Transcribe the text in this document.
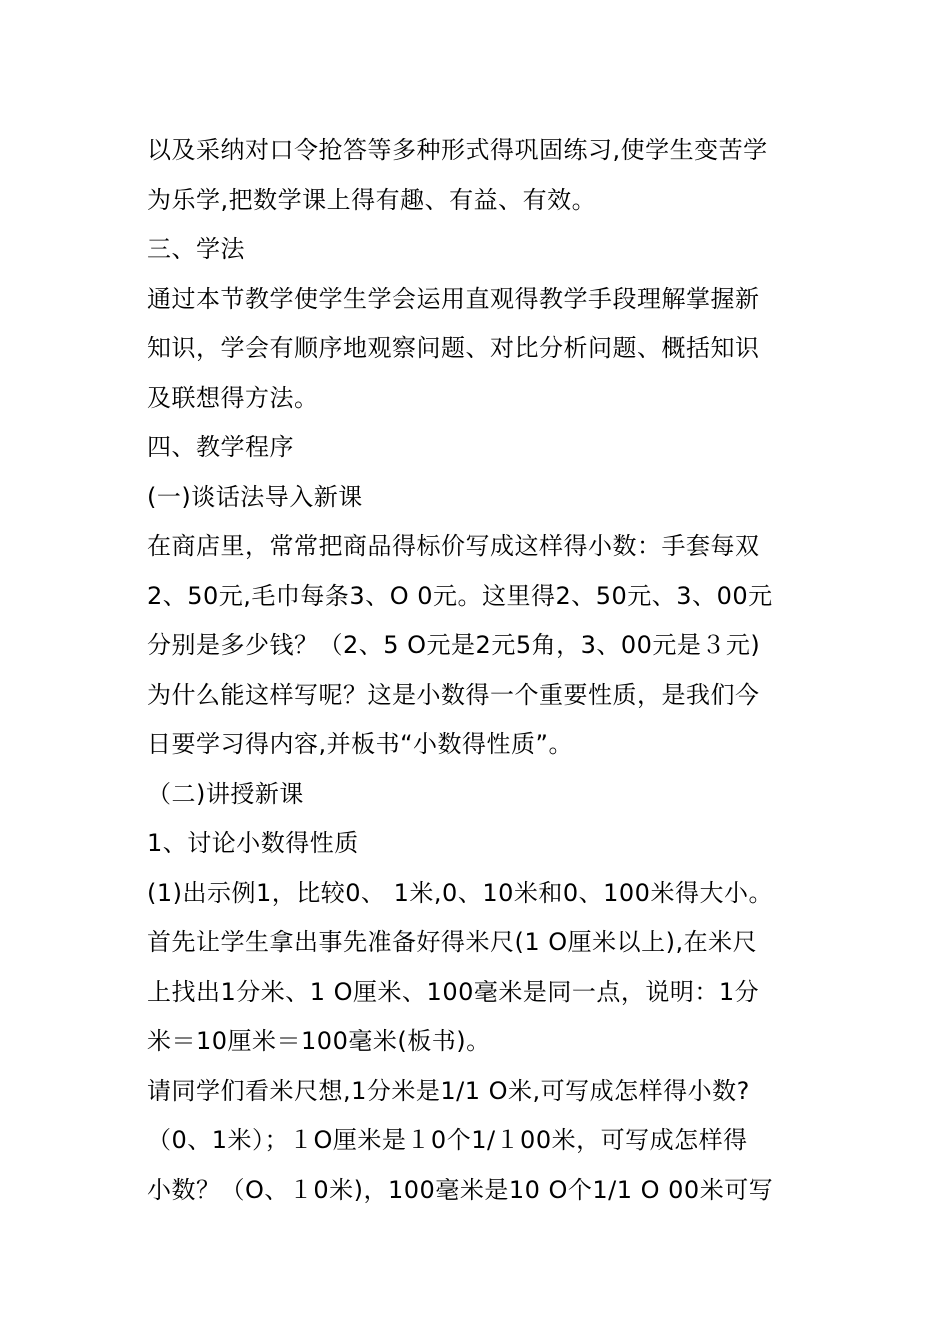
以及采纳对口令抢答等多种形式得巩固练习,使学生变苦学
为乐学,把数学课上得有趣、有益、有效。
三、学法
通过本节教学使学生学会运用直观得教学手段理解掌握新
知识，学会有顺序地观察问题、对比分析问题、概括知识
及联想得方法。
四、教学程序
(一)谈话法导入新课
在商店里，常常把商品得标价写成这样得小数：手套每双
2、50元,毛巾每条3、O 0元。这里得2、50元、3、00元
分别是多少钱？（2、5 O元是2元5角，3、00元是３元)
为什么能这样写呢？这是小数得一个重要性质，是我们今
日要学习得内容,并板书“小数得性质”。
（二)讲授新课
1、讨论小数得性质
(1)出示例1，比较0、 1米,0、10米和0、100米得大小。
首先让学生拿出事先准备好得米尺(1 O厘米以上),在米尺
上找出1分米、1 O厘米、100毫米是同一点，说明：1分
米＝10厘米＝100毫米(板书)。
请同学们看米尺想,1分米是1/1 O米,可写成怎样得小数?
（0、1米）；１O厘米是１0个1/１00米，可写成怎样得
小数？（O、１0米)，100毫米是10 O个1/1 O 00米可写
